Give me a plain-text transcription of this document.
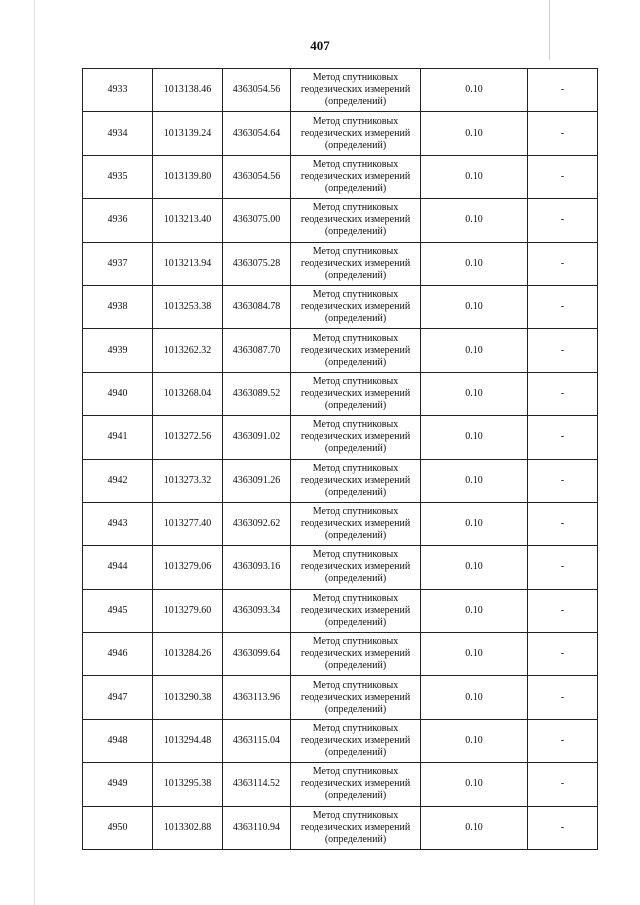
407
4933	1013138.46	4363054.56	Метод спутниковых
геодезических измерений
(определений)	0.10	-
4934	1013139.24	4363054.64	Метод спутниковых
геодезических измерений
(определений)	0.10	-
4935	1013139.80	4363054.56	Метод спутниковых
геодезических измерений
(определений)	0.10	-
4936	1013213.40	4363075.00	Метод спутниковых
геодезических измерений
(определений)	0.10	-
4937	1013213.94	4363075.28	Метод спутниковых
геодезических измерений
(определений)	0.10	-
4938	1013253.38	4363084.78	Метод спутниковых
геодезических измерений
(определений)	0.10	-
4939	1013262.32	4363087.70	Метод спутниковых
геодезических измерений
(определений)	0.10	-
4940	1013268.04	4363089.52	Метод спутниковых
геодезических измерений
(определений)	0.10	-
4941	1013272.56	4363091.02	Метод спутниковых
геодезических измерений
(определений)	0.10	-
4942	1013273.32	4363091.26	Метод спутниковых
геодезических измерений
(определений)	0.10	-
4943	1013277.40	4363092.62	Метод спутниковых
геодезических измерений
(определений)	0.10	-
4944	1013279.06	4363093.16	Метод спутниковых
геодезических измерений
(определений)	0.10	-
4945	1013279.60	4363093.34	Метод спутниковых
геодезических измерений
(определений)	0.10	-
4946	1013284.26	4363099.64	Метод спутниковых
геодезических измерений
(определений)	0.10	-
4947	1013290.38	4363113.96	Метод спутниковых
геодезических измерений
(определений)	0.10	-
4948	1013294.48	4363115.04	Метод спутниковых
геодезических измерений
(определений)	0.10	-
4949	1013295.38	4363114.52	Метод спутниковых
геодезических измерений
(определений)	0.10	-
4950	1013302.88	4363110.94	Метод спутниковых
геодезических измерений
(определений)	0.10	-
